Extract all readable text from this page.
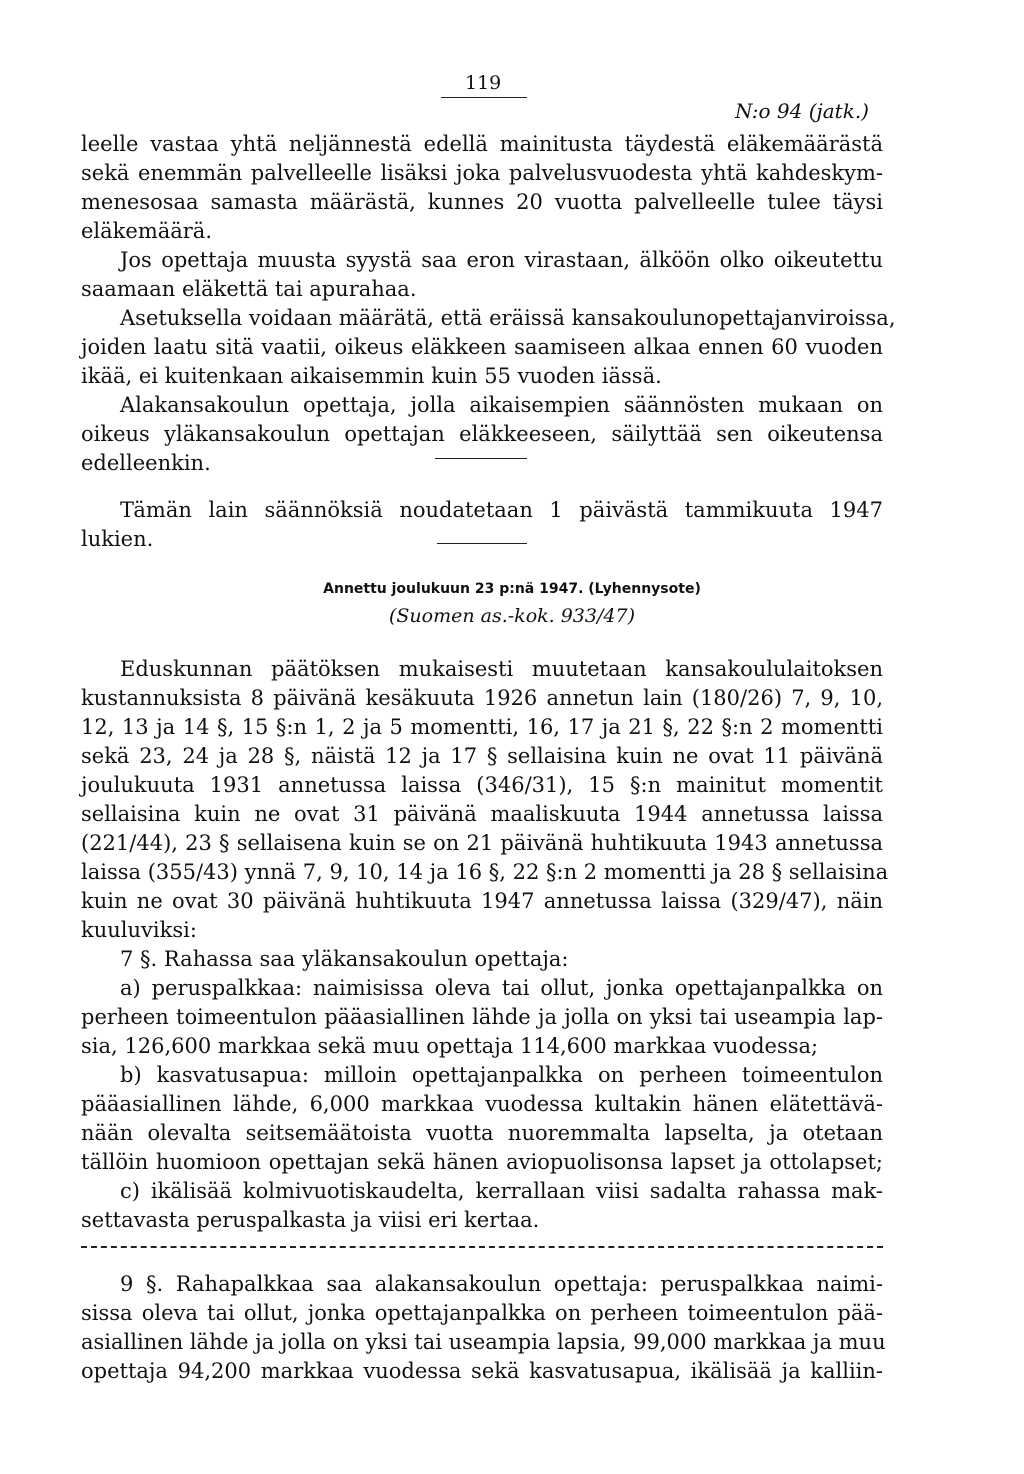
119
N:o 94 (jatk.)
leelle vastaa yhtä neljännestä edellä mainitusta täydestä eläkemäärästä
sekä enemmän palvelleelle lisäksi joka palvelusvuodesta yhtä kahdeskym-
menesosaa samasta määrästä, kunnes 20 vuotta palvelleelle tulee täysi
eläkemäärä.
Jos opettaja muusta syystä saa eron virastaan, älköön olko oikeutettu
saamaan eläkettä tai apurahaa.
Asetuksella voidaan määrätä, että eräissä kansakoulunopettajanviroissa,
joiden laatu sitä vaatii, oikeus eläkkeen saamiseen alkaa ennen 60 vuoden
ikää, ei kuitenkaan aikaisemmin kuin 55 vuoden iässä.
Alakansakoulun opettaja, jolla aikaisempien säännösten mukaan on
oikeus yläkansakoulun opettajan eläkkeeseen, säilyttää sen oikeutensa
edelleenkin.
Tämän lain säännöksiä noudatetaan 1 päivästä tammikuuta 1947
lukien.
Annettu joulukuun 23 p:nä 1947. (Lyhennysote)
(Suomen as.-kok. 933/47)
Eduskunnan päätöksen mukaisesti muutetaan kansakoululaitoksen
kustannuksista 8 päivänä kesäkuuta 1926 annetun lain (180/26) 7, 9, 10,
12, 13 ja 14 §, 15 §:n 1, 2 ja 5 momentti, 16, 17 ja 21 §, 22 §:n 2 momentti
sekä 23, 24 ja 28 §, näistä 12 ja 17 § sellaisina kuin ne ovat 11 päivänä
joulukuuta 1931 annetussa laissa (346/31), 15 §:n mainitut momentit
sellaisina kuin ne ovat 31 päivänä maaliskuuta 1944 annetussa laissa
(221/44), 23 § sellaisena kuin se on 21 päivänä huhtikuuta 1943 annetussa
laissa (355/43) ynnä 7, 9, 10, 14 ja 16 §, 22 §:n 2 momentti ja 28 § sellaisina
kuin ne ovat 30 päivänä huhtikuuta 1947 annetussa laissa (329/47), näin
kuuluviksi:
7 §. Rahassa saa yläkansakoulun opettaja:
a) peruspalkkaa: naimisissa oleva tai ollut, jonka opettajanpalkka on
perheen toimeentulon pääasiallinen lähde ja jolla on yksi tai useampia lap-
sia, 126,600 markkaa sekä muu opettaja 114,600 markkaa vuodessa;
b) kasvatusapua: milloin opettajanpalkka on perheen toimeentulon
pääasiallinen lähde, 6,000 markkaa vuodessa kultakin hänen elätettävä-
nään olevalta seitsemäätoista vuotta nuoremmalta lapselta, ja otetaan
tällöin huomioon opettajan sekä hänen aviopuolisonsa lapset ja ottolapset;
c) ikälisää kolmivuotiskaudelta, kerrallaan viisi sadalta rahassa mak-
settavasta peruspalkasta ja viisi eri kertaa.
9 §. Rahapalkkaa saa alakansakoulun opettaja: peruspalkkaa naimi-
sissa oleva tai ollut, jonka opettajanpalkka on perheen toimeentulon pää-
asiallinen lähde ja jolla on yksi tai useampia lapsia, 99,000 markkaa ja muu
opettaja 94,200 markkaa vuodessa sekä kasvatusapua, ikälisää ja kalliin-
